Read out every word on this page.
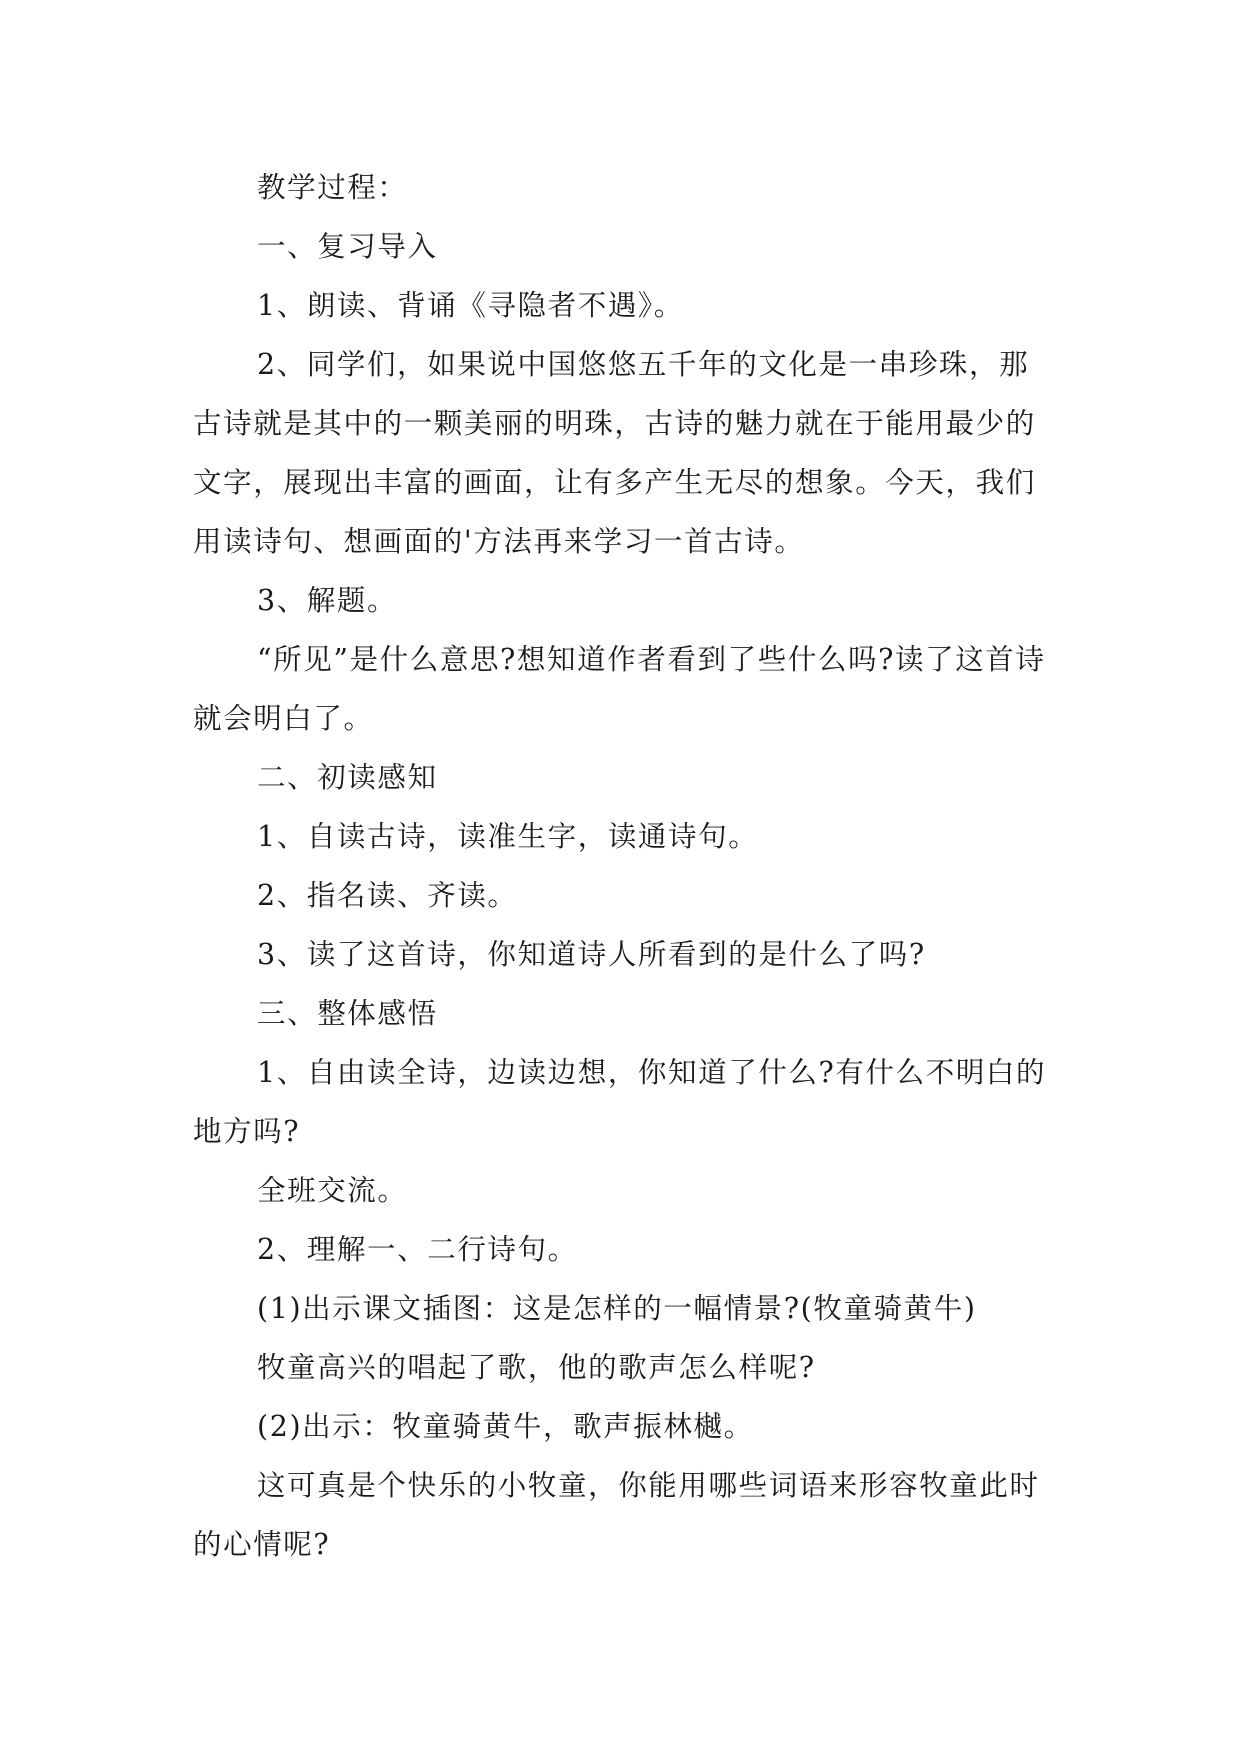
教学过程：

一、复习导入

1、朗读、背诵《寻隐者不遇》。

2、同学们，如果说中国悠悠五千年的文化是一串珍珠，那古诗就是其中的一颗美丽的明珠，古诗的魅力就在于能用最少的文字，展现出丰富的画面，让有多产生无尽的想象。今天，我们用读诗句、想画面的'方法再来学习一首古诗。

3、解题。

“所见”是什么意思?想知道作者看到了些什么吗?读了这首诗就会明白了。

二、初读感知

1、自读古诗，读准生字，读通诗句。

2、指名读、齐读。

3、读了这首诗，你知道诗人所看到的是什么了吗?

三、整体感悟

1、自由读全诗，边读边想，你知道了什么?有什么不明白的地方吗?

全班交流。

2、理解一、二行诗句。

(1)出示课文插图：这是怎样的一幅情景?(牧童骑黄牛)

牧童高兴的唱起了歌，他的歌声怎么样呢?

(2)出示：牧童骑黄牛，歌声振林樾。

这可真是个快乐的小牧童，你能用哪些词语来形容牧童此时的心情呢?
